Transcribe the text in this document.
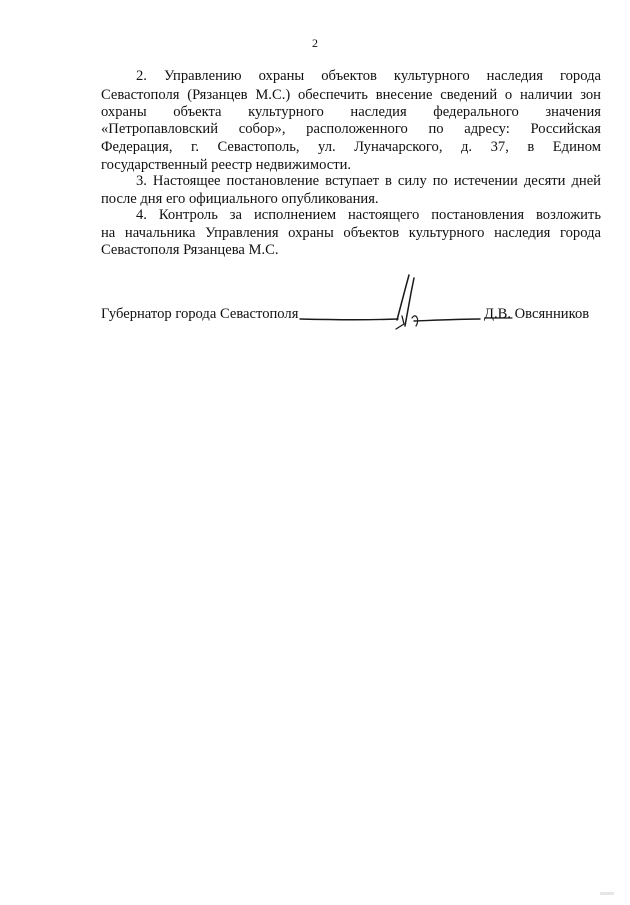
2
2. Управлению охраны объектов культурного наследия города
Севастополя (Рязанцев М.С.) обеспечить внесение сведений о наличии зон
охраны объекта культурного наследия федерального значения
«Петропавловский собор», расположенного по адресу: Российская
Федерация, г. Севастополь, ул. Луначарского, д. 37, в Едином
государственный реестр недвижимости.
3. Настоящее постановление вступает в силу по истечении десяти дней
после дня его официального опубликования.
4. Контроль за исполнением настоящего постановления возложить
на начальника Управления охраны объектов культурного наследия города
Севастополя Рязанцева М.С.
Губернатор города Севастополя	Д.В. Овсянников
